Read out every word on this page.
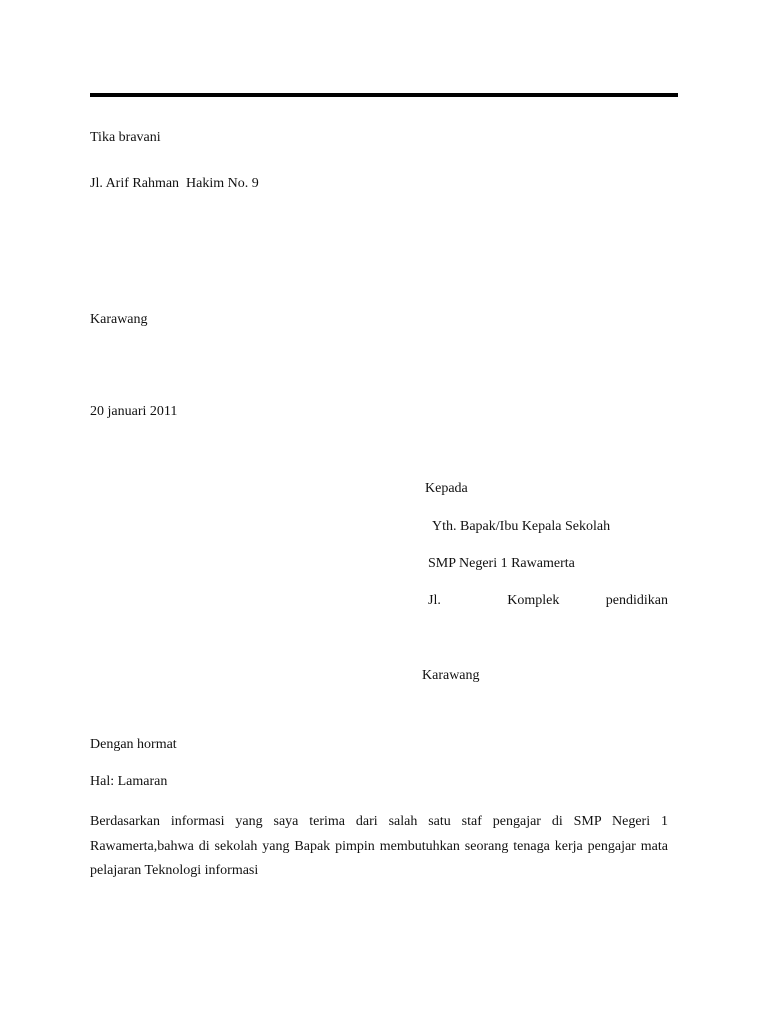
Tika bravani
Jl. Arif Rahman  Hakim No. 9
Karawang
20 januari 2011
Kepada
Yth. Bapak/Ibu Kepala Sekolah
SMP Negeri 1 Rawamerta
Jl.	Komplek	pendidikan
Karawang
Dengan hormat
Hal: Lamaran
Berdasarkan informasi yang saya terima dari salah satu staf pengajar di SMP Negeri 1
Rawamerta,bahwa di sekolah yang Bapak pimpin membutuhkan seorang tenaga kerja pengajar mata
pelajaran Teknologi informasi
